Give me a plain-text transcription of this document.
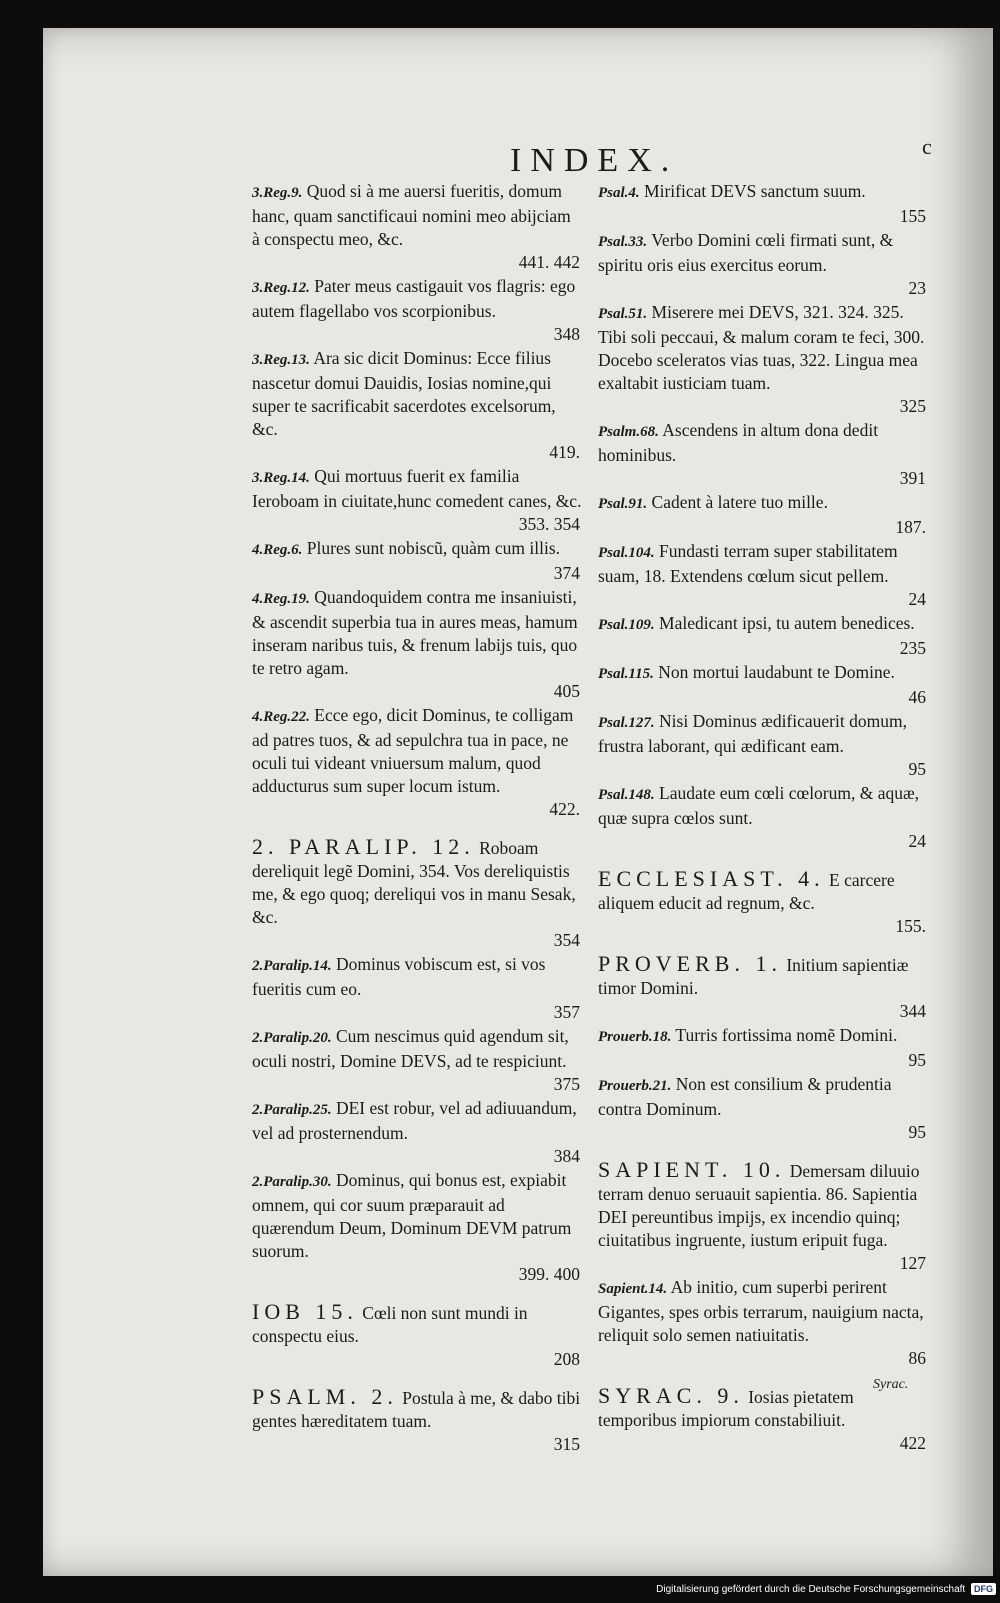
INDEX.	c
3.Reg.9. Quod si à me auersi fueritis, domum hanc, quam sanctificaui nomini meo abijciam à conspectu meo, &c.
441. 442
3.Reg.12. Pater meus castigauit vos flagris: ego autem flagellabo vos scorpionibus.
348
3.Reg.13. Ara sic dicit Dominus: Ecce filius nascetur domui Dauidis, Iosias nomine,qui super te sacrificabit sacerdotes excelsorum, &c.
419.
3.Reg.14. Qui mortuus fuerit ex familia Ieroboam in ciuitate,hunc comedent canes, &c.
353. 354
4.Reg.6. Plures sunt nobiscũ, quàm cum illis.
374
4.Reg.19. Quandoquidem contra me insaniuisti, & ascendit superbia tua in aures meas, hamum inseram naribus tuis, & frenum labijs tuis, quo te retro agam.
405
4.Reg.22. Ecce ego, dicit Dominus, te colligam ad patres tuos, & ad sepulchra tua in pace, ne oculi tui videant vniuersum malum, quod adducturus sum super locum istum.
422.
2. PARALIP. 12. Roboam dereliquit legẽ Domini, 354. Vos dereliquistis me, & ego quoq; dereliqui vos in manu Sesak, &c.
354
2.Paralip.14. Dominus vobiscum est, si vos fueritis cum eo.
357
2.Paralip.20. Cum nescimus quid agendum sit, oculi nostri, Domine DEVS, ad te respiciunt.
375
2.Paralip.25. DEI est robur, vel ad adiuuandum, vel ad prosternendum.
384
2.Paralip.30. Dominus, qui bonus est, expiabit omnem, qui cor suum præparauit ad quærendum Deum, Dominum DEVM patrum suorum.
399. 400
IOB 15. Cœli non sunt mundi in conspectu eius.
208
PSALM. 2. Postula à me, & dabo tibi gentes hæreditatem tuam.
315
Psal.4. Mirificat DEVS sanctum suum.
155
Psal.33. Verbo Domini cœli firmati sunt, & spiritu oris eius exercitus eorum.
23
Psal.51. Miserere mei DEVS, 321. 324. 325. Tibi soli peccaui, & malum coram te feci, 300. Docebo sceleratos vias tuas, 322. Lingua mea exaltabit iusticiam tuam.
325
Psalm.68. Ascendens in altum dona dedit hominibus.
391
Psal.91. Cadent à latere tuo mille.
187.
Psal.104. Fundasti terram super stabilitatem suam, 18. Extendens cœlum sicut pellem.
24
Psal.109. Maledicant ipsi, tu autem benedices.
235
Psal.115. Non mortui laudabunt te Domine.
46
Psal.127. Nisi Dominus ædificauerit domum, frustra laborant, qui ædificant eam.
95
Psal.148. Laudate eum cœli cœlorum, & aquæ, quæ supra cœlos sunt.
24
ECCLESIAST. 4. E carcere aliquem educit ad regnum, &c.
155.
PROVERB. 1. Initium sapientiæ timor Domini.
344
Prouerb.18. Turris fortissima nomẽ Domini.
95
Prouerb.21. Non est consilium & prudentia contra Dominum.
95
SAPIENT. 10. Demersam diluuio terram denuo seruauit sapientia. 86. Sapientia DEI pereuntibus impijs, ex incendio quinq; ciuitatibus ingruente, iustum eripuit fuga.
127
Sapient.14. Ab initio, cum superbi perirent Gigantes, spes orbis terrarum, nauigium nacta, reliquit solo semen natiuitatis.
86
SYRAC. 9. Iosias pietatem temporibus impiorum constabiliuit.
422
Syrac.
Digitalisierung gefördert durch die Deutsche Forschungsgemeinschaft DFG
